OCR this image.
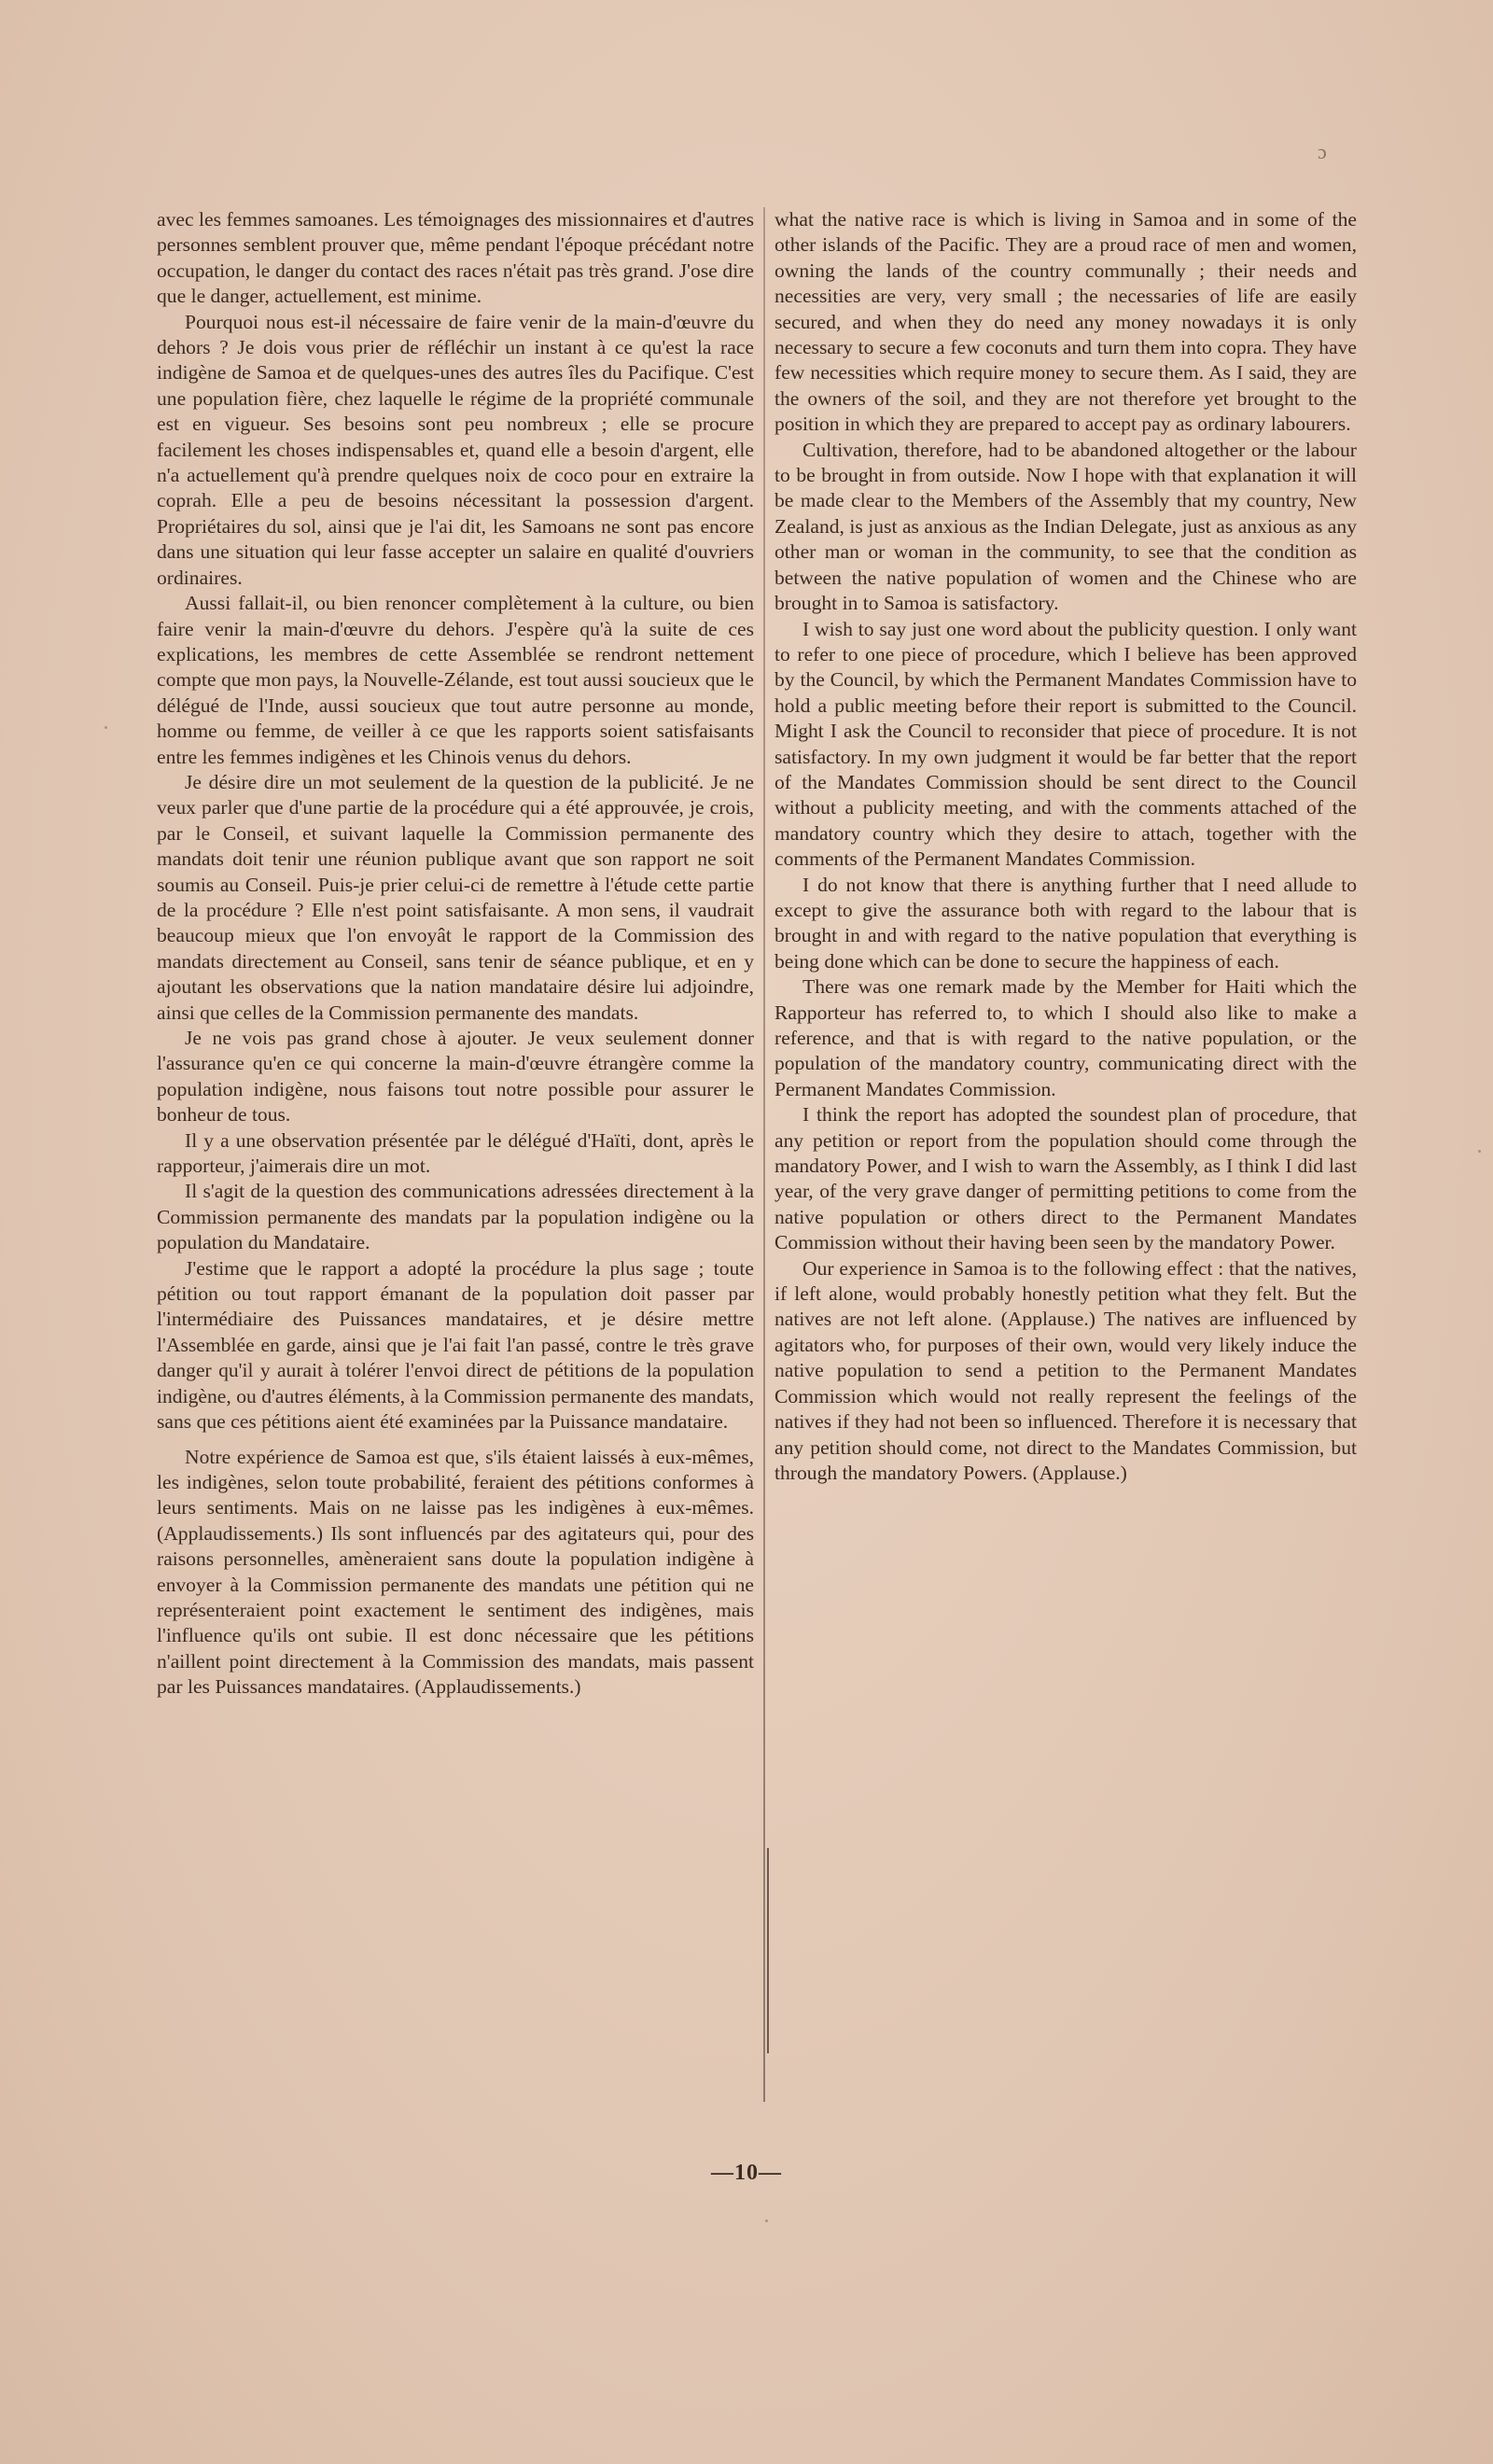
ɔ

avec les femmes samoanes. Les témoignages des missionnaires et d'autres personnes semblent prouver que, même pendant l'époque précédant notre occupation, le danger du contact des races n'était pas très grand. J'ose dire que le danger, actuellement, est minime.

Pourquoi nous est-il nécessaire de faire venir de la main-d'œuvre du dehors ? Je dois vous prier de réfléchir un instant à ce qu'est la race indigène de Samoa et de quelques-unes des autres îles du Pacifique. C'est une population fière, chez laquelle le régime de la propriété communale est en vigueur. Ses besoins sont peu nombreux ; elle se procure facilement les choses indispensables et, quand elle a besoin d'argent, elle n'a actuellement qu'à prendre quelques noix de coco pour en extraire la coprah. Elle a peu de besoins nécessitant la possession d'argent. Propriétaires du sol, ainsi que je l'ai dit, les Samoans ne sont pas encore dans une situation qui leur fasse accepter un salaire en qualité d'ouvriers ordinaires.

Aussi fallait-il, ou bien renoncer complètement à la culture, ou bien faire venir la main-d'œuvre du dehors. J'espère qu'à la suite de ces explications, les membres de cette Assemblée se rendront nettement compte que mon pays, la Nouvelle-Zélande, est tout aussi soucieux que le délégué de l'Inde, aussi soucieux que tout autre personne au monde, homme ou femme, de veiller à ce que les rapports soient satisfaisants entre les femmes indigènes et les Chinois venus du dehors.

Je désire dire un mot seulement de la question de la publicité. Je ne veux parler que d'une partie de la procédure qui a été approuvée, je crois, par le Conseil, et suivant laquelle la Commission permanente des mandats doit tenir une réunion publique avant que son rapport ne soit soumis au Conseil. Puis-je prier celui-ci de remettre à l'étude cette partie de la procédure ? Elle n'est point satisfaisante. A mon sens, il vaudrait beaucoup mieux que l'on envoyât le rapport de la Commission des mandats directement au Conseil, sans tenir de séance publique, et en y ajoutant les observations que la nation mandataire désire lui adjoindre, ainsi que celles de la Commission permanente des mandats.

Je ne vois pas grand chose à ajouter. Je veux seulement donner l'assurance qu'en ce qui concerne la main-d'œuvre étrangère comme la population indigène, nous faisons tout notre possible pour assurer le bonheur de tous.

Il y a une observation présentée par le délégué d'Haïti, dont, après le rapporteur, j'aimerais dire un mot.

Il s'agit de la question des communications adressées directement à la Commission permanente des mandats par la population indigène ou la population du Mandataire.

J'estime que le rapport a adopté la procédure la plus sage ; toute pétition ou tout rapport émanant de la population doit passer par l'intermédiaire des Puissances mandataires, et je désire mettre l'Assemblée en garde, ainsi que je l'ai fait l'an passé, contre le très grave danger qu'il y aurait à tolérer l'envoi direct de pétitions de la population indigène, ou d'autres éléments, à la Commission permanente des mandats, sans que ces pétitions aient été examinées par la Puissance mandataire.

Notre expérience de Samoa est que, s'ils étaient laissés à eux-mêmes, les indigènes, selon toute probabilité, feraient des pétitions conformes à leurs sentiments. Mais on ne laisse pas les indigènes à eux-mêmes. (Applaudissements.) Ils sont influencés par des agitateurs qui, pour des raisons personnelles, amèneraient sans doute la population indigène à envoyer à la Commission permanente des mandats une pétition qui ne représenteraient point exactement le sentiment des indigènes, mais l'influence qu'ils ont subie. Il est donc nécessaire que les pétitions n'aillent point directement à la Commission des mandats, mais passent par les Puissances mandataires. (Applaudissements.)

what the native race is which is living in Samoa and in some of the other islands of the Pacific. They are a proud race of men and women, owning the lands of the country communally ; their needs and necessities are very, very small ; the necessaries of life are easily secured, and when they do need any money nowadays it is only necessary to secure a few coconuts and turn them into copra. They have few necessities which require money to secure them. As I said, they are the owners of the soil, and they are not therefore yet brought to the position in which they are prepared to accept pay as ordinary labourers.

Cultivation, therefore, had to be abandoned altogether or the labour to be brought in from outside. Now I hope with that explanation it will be made clear to the Members of the Assembly that my country, New Zealand, is just as anxious as the Indian Delegate, just as anxious as any other man or woman in the community, to see that the condition as between the native population of women and the Chinese who are brought in to Samoa is satisfactory.

I wish to say just one word about the publicity question. I only want to refer to one piece of procedure, which I believe has been approved by the Council, by which the Permanent Mandates Commission have to hold a public meeting before their report is submitted to the Council. Might I ask the Council to reconsider that piece of procedure. It is not satisfactory. In my own judgment it would be far better that the report of the Mandates Commission should be sent direct to the Council without a publicity meeting, and with the comments attached of the mandatory country which they desire to attach, together with the comments of the Permanent Mandates Commission.

I do not know that there is anything further that I need allude to except to give the assurance both with regard to the labour that is brought in and with regard to the native population that everything is being done which can be done to secure the happiness of each.

There was one remark made by the Member for Haiti which the Rapporteur has referred to, to which I should also like to make a reference, and that is with regard to the native population, or the population of the mandatory country, communicating direct with the Permanent Mandates Commission.

I think the report has adopted the soundest plan of procedure, that any petition or report from the population should come through the mandatory Power, and I wish to warn the Assembly, as I think I did last year, of the very grave danger of permitting petitions to come from the native population or others direct to the Permanent Mandates Commission without their having been seen by the mandatory Power.

Our experience in Samoa is to the following effect : that the natives, if left alone, would probably honestly petition what they felt. But the natives are not left alone. (Applause.) The natives are influenced by agitators who, for purposes of their own, would very likely induce the native population to send a petition to the Permanent Mandates Commission which would not really represent the feelings of the natives if they had not been so influenced. Therefore it is necessary that any petition should come, not direct to the Mandates Commission, but through the mandatory Powers. (Applause.)

—10—
